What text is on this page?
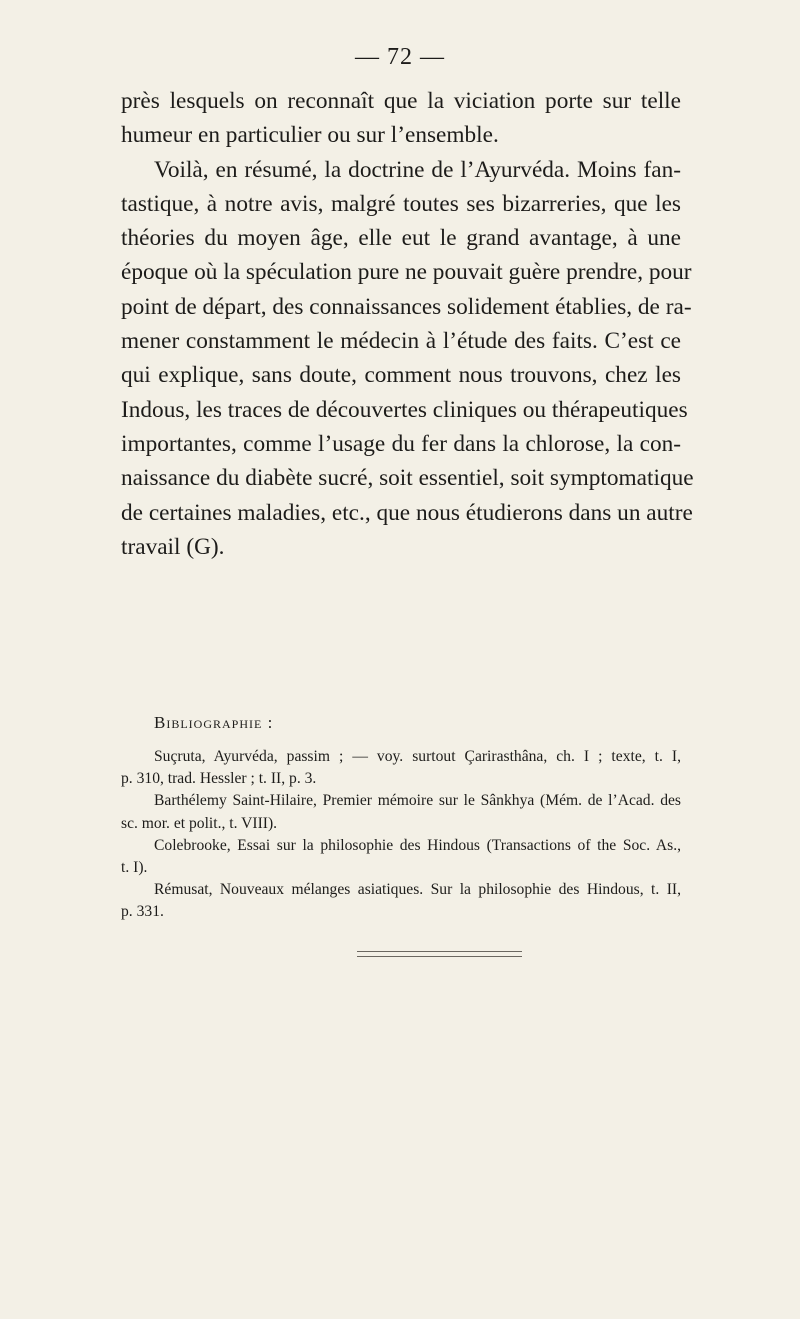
— 72 —
près lesquels on reconnaît que la viciation porte sur telle
humeur en particulier ou sur l’ensemble.
Voilà, en résumé, la doctrine de l’Ayurvéda. Moins fan-
tastique, à notre avis, malgré toutes ses bizarreries, que les
théories du moyen âge, elle eut le grand avantage, à une
époque où la spéculation pure ne pouvait guère prendre, pour
point de départ, des connaissances solidement établies, de ra-
mener constamment le médecin à l’étude des faits. C’est ce
qui explique, sans doute, comment nous trouvons, chez les
Indous, les traces de découvertes cliniques ou thérapeutiques
importantes, comme l’usage du fer dans la chlorose, la con-
naissance du diabète sucré, soit essentiel, soit symptomatique
de certaines maladies, etc., que nous étudierons dans un autre
travail (G).
Bibliographie :
Suçruta, Ayurvéda, passim ; — voy. surtout Çarirasthâna, ch. I ; texte, t. I,
p. 310, trad. Hessler ; t. II, p. 3.
Barthélemy Saint-Hilaire, Premier mémoire sur le Sânkhya (Mém. de l’Acad. des
sc. mor. et polit., t. VIII).
Colebrooke, Essai sur la philosophie des Hindous (Transactions of the Soc. As.,
t. I).
Rémusat, Nouveaux mélanges asiatiques. Sur la philosophie des Hindous, t. II,
p. 331.
